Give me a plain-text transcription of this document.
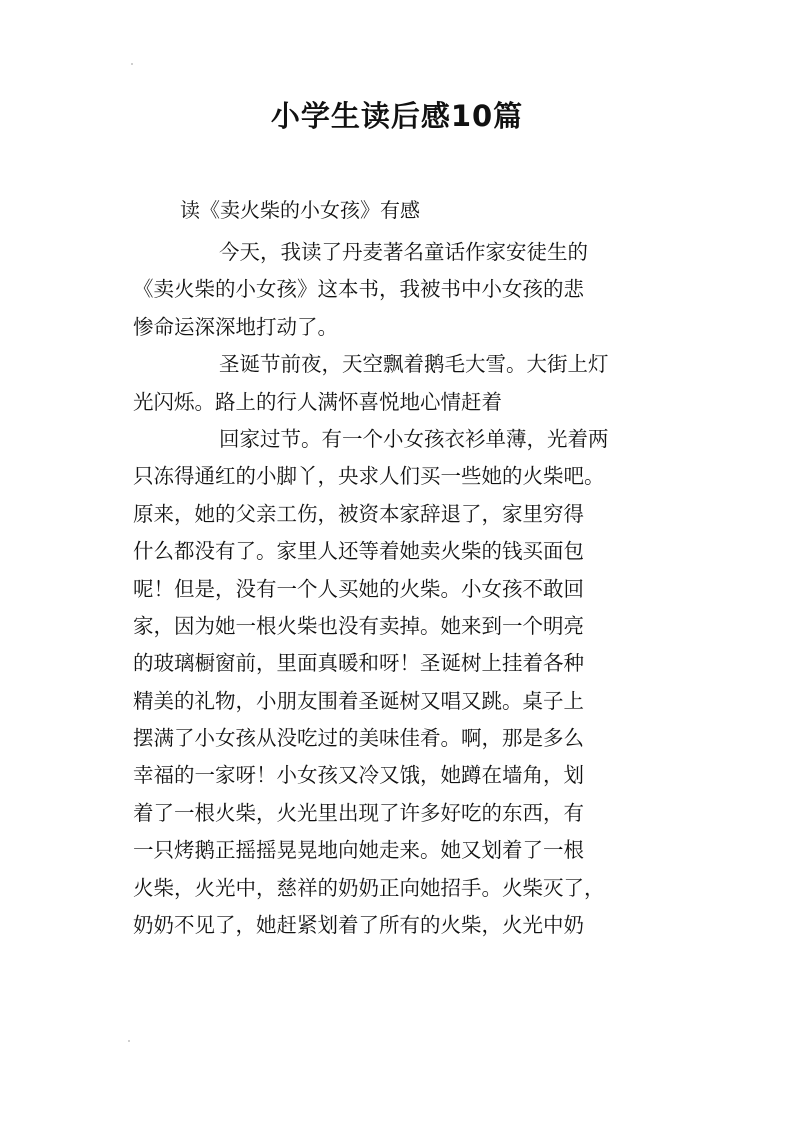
小学生读后感10篇
读《卖火柴的小女孩》有感
今天，我读了丹麦著名童话作家安徒生的
《卖火柴的小女孩》这本书，我被书中小女孩的悲
惨命运深深地打动了。
圣诞节前夜，天空飘着鹅毛大雪。大街上灯
光闪烁。路上的行人满怀喜悦地心情赶着
回家过节。有一个小女孩衣衫单薄，光着两
只冻得通红的小脚丫，央求人们买一些她的火柴吧。
原来，她的父亲工伤，被资本家辞退了，家里穷得
什么都没有了。家里人还等着她卖火柴的钱买面包
呢！但是，没有一个人买她的火柴。小女孩不敢回
家，因为她一根火柴也没有卖掉。她来到一个明亮
的玻璃橱窗前，里面真暖和呀！圣诞树上挂着各种
精美的礼物，小朋友围着圣诞树又唱又跳。桌子上
摆满了小女孩从没吃过的美味佳肴。啊，那是多么
幸福的一家呀！小女孩又冷又饿，她蹲在墙角，划
着了一根火柴，火光里出现了许多好吃的东西，有
一只烤鹅正摇摇晃晃地向她走来。她又划着了一根
火柴，火光中，慈祥的奶奶正向她招手。火柴灭了，
奶奶不见了，她赶紧划着了所有的火柴，火光中奶
